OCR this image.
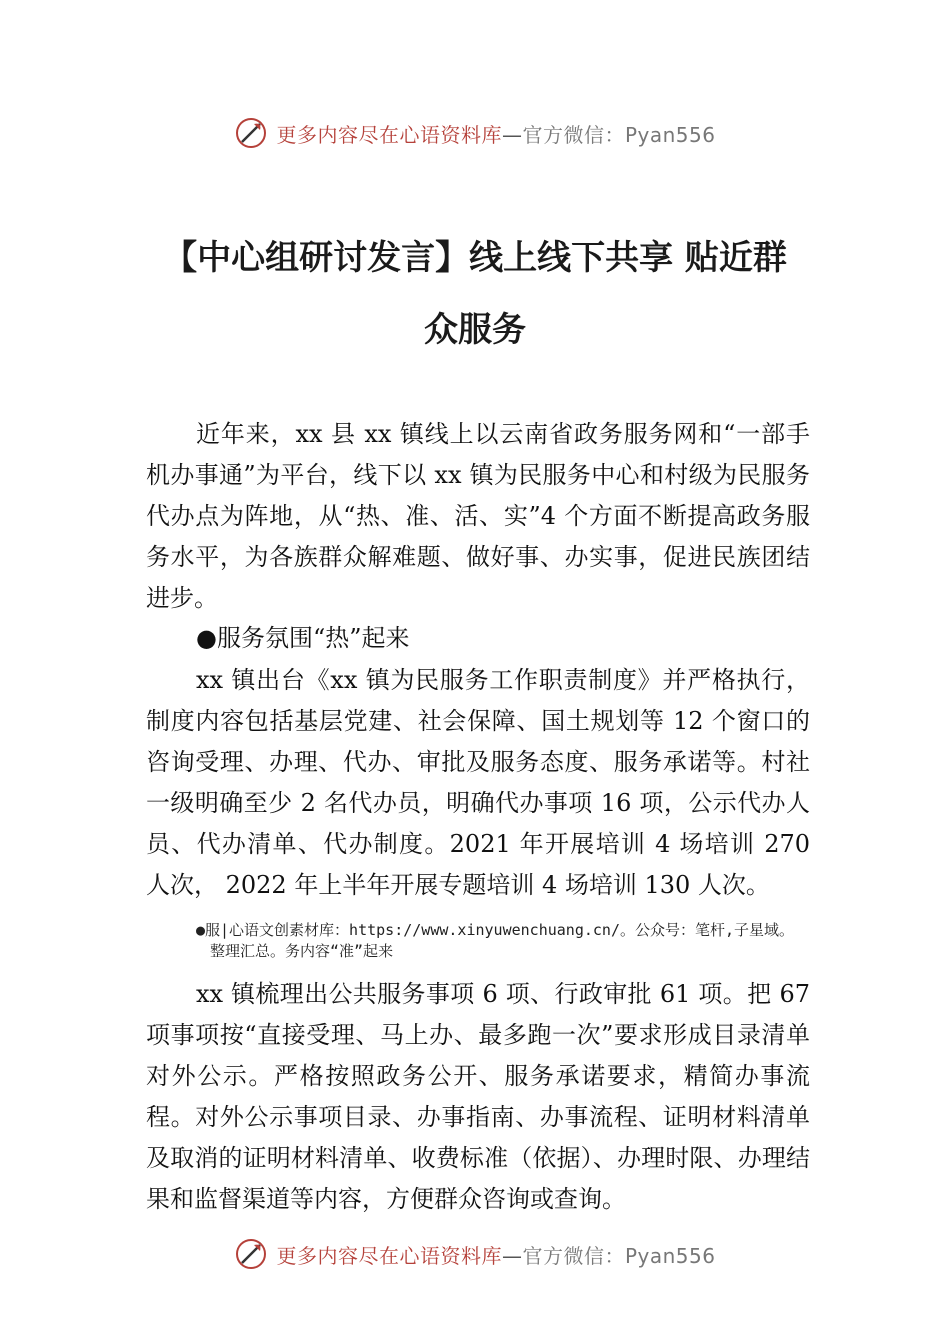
更多内容尽在心语资料库—官方微信：Pyan556
【中心组研讨发言】线上线下共享 贴近群
众服务

近年来，xx 县 xx 镇线上以云南省政务服务网和“一部手机办事通”为平台，线下以 xx 镇为民服务中心和村级为民服务代办点为阵地，从“热、准、活、实”4 个方面不断提高政务服务水平，为各族群众解难题、做好事、办实事，促进民族团结进步。

●服务氛围“热”起来

xx 镇出台《xx 镇为民服务工作职责制度》并严格执行，制度内容包括基层党建、社会保障、国土规划等 12 个窗口的咨询受理、办理、代办、审批及服务态度、服务承诺等。村社一级明确至少 2 名代办员，明确代办事项 16 项，公示代办人员、代办清单、代办制度。2021 年开展培训 4 场培训 270 人次， 2022 年上半年开展专题培训 4 场培训 130 人次。

●服|心语文创素材库：https://www.xinyuwenchuang.cn/。公众号：笔杆,子星域。
整理汇总。务内容“准”起来

xx 镇梳理出公共服务事项 6 项、行政审批 61 项。把 67 项事项按“直接受理、马上办、最多跑一次”要求形成目录清单对外公示。严格按照政务公开、服务承诺要求，精简办事流程。对外公示事项目录、办事指南、办事流程、证明材料清单及取消的证明材料清单、收费标准（依据）、办理时限、办理结果和监督渠道等内容，方便群众咨询或查询。

更多内容尽在心语资料库—官方微信：Pyan556
